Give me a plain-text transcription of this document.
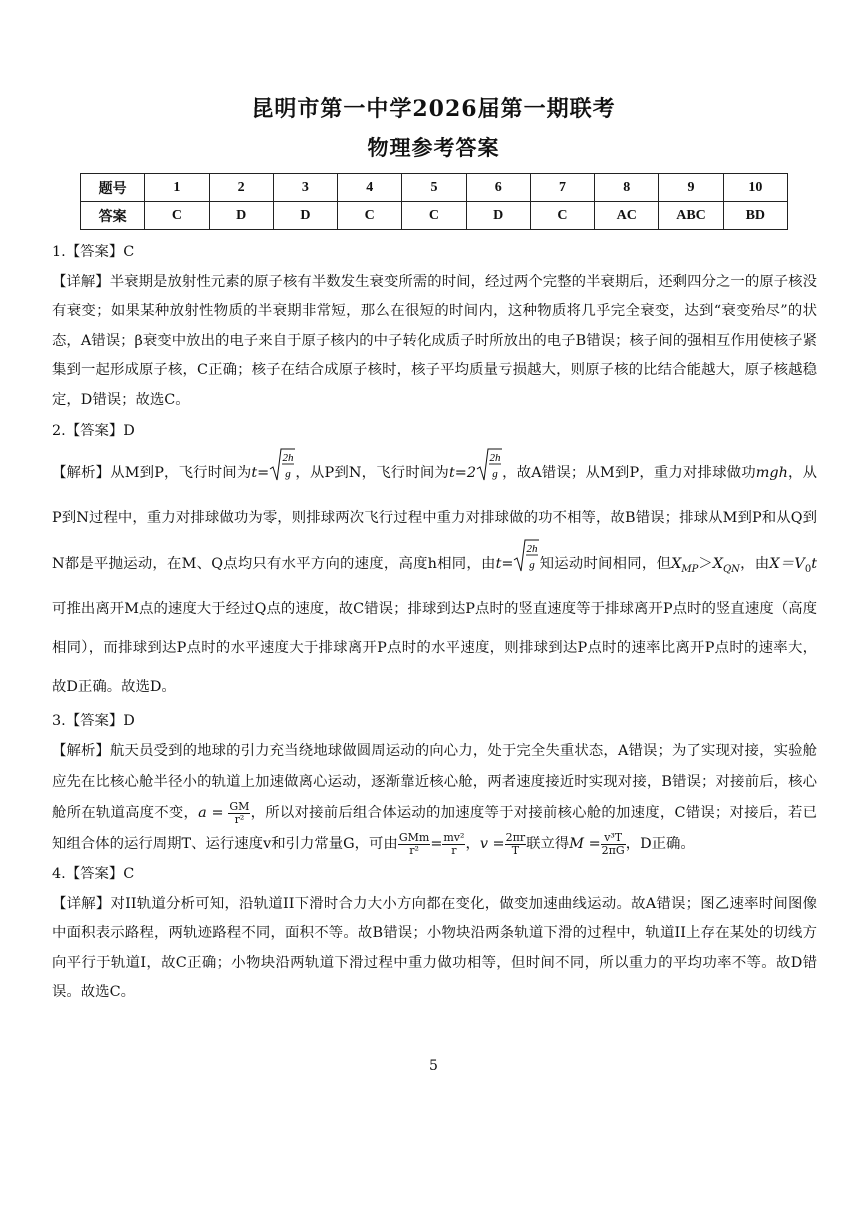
昆明市第一中学2026届第一期联考
物理参考答案
题号	1	2	3	4	5	6	7	8	9	10
答案	C	D	D	C	C	D	C	AC	ABC	BD

1.【答案】C

【详解】半衰期是放射性元素的原子核有半数发生衰变所需的时间，经过两个完整的半衰期后，还剩四分之一的原子核没有衰变；如果某种放射性物质的半衰期非常短，那么在很短的时间内，这种物质将几乎完全衰变，达到“衰变殆尽”的状态，A错误；β衰变中放出的电子来自于原子核内的中子转化成质子时所放出的电子B错误；核子间的强相互作用使核子紧集到一起形成原子核，C正确；核子在结合成原子核时，核子平均质量亏损越大，则原子核的比结合能越大，原子核越稳定，D错误；故选C。

2.【答案】D

【解析】从M到P，飞行时间为t=
2h
g ，从P到N，飞行时间为t=2
2h
g ，故A错误；从M到P，重力对排球做功mgh，从P到N过程中，重力对排球做功为零，则排球两次飞行过程中重力对排球做的功不相等，故B错误；排球从M到P和从Q到N都是平抛运动，在M、Q点均只有水平方向的速度，高度h相同，由t=
2h
g 知运动时间相同，但$X_{MP}>X_{QN}$，由$X=V_0t$可推出离开M点的速度大于经过Q点的速度，故C错误；排球到达P点时的竖直速度等于排球离开P点时的竖直速度（高度相同），而排球到达P点时的水平速度大于排球离开P点时的水平速度，则排球到达P点时的速率比离开P点时的速率大，故D正确。故选D。

3.【答案】D

【解析】航天员受到的地球的引力充当绕地球做圆周运动的向心力，处于完全失重状态，A错误；为了实现对接，实验舱应先在比核心舱半径小的轨道上加速做离心运动，逐渐靠近核心舱，两者速度接近时实现对接，B错误；对接前后，核心舱所在轨道高度不变，$a = \frac{GM}{\text{r²}}$ ，所以对接前后组合体运动的加速度等于对接前核心舱的加速度，C错误；对接后，若已知组合体的运行周期T、运行速度v和引力常量G，可由 $\frac{\text{GMm}}{\text{r²}} = \frac{\text{mv²}}{r}$ ，$v = \frac{2\pi r}{T}$ 联立得$M = \frac{\text{v³T}}{2\pi G}$ ，D正确。

4.【答案】C

【详解】对II轨道分析可知，沿轨道II下滑时合力大小方向都在变化，做变加速曲线运动。故A错误；图乙速率时间图像中面积表示路程，两轨迹路程不同，面积不等。故B错误；小物块沿两条轨道下滑的过程中，轨道II上存在某处的切线方向平行于轨道I，故C正确；小物块沿两轨道下滑过程中重力做功相等，但时间不同，所以重力的平均功率不等。故D错误。故选C。

5
